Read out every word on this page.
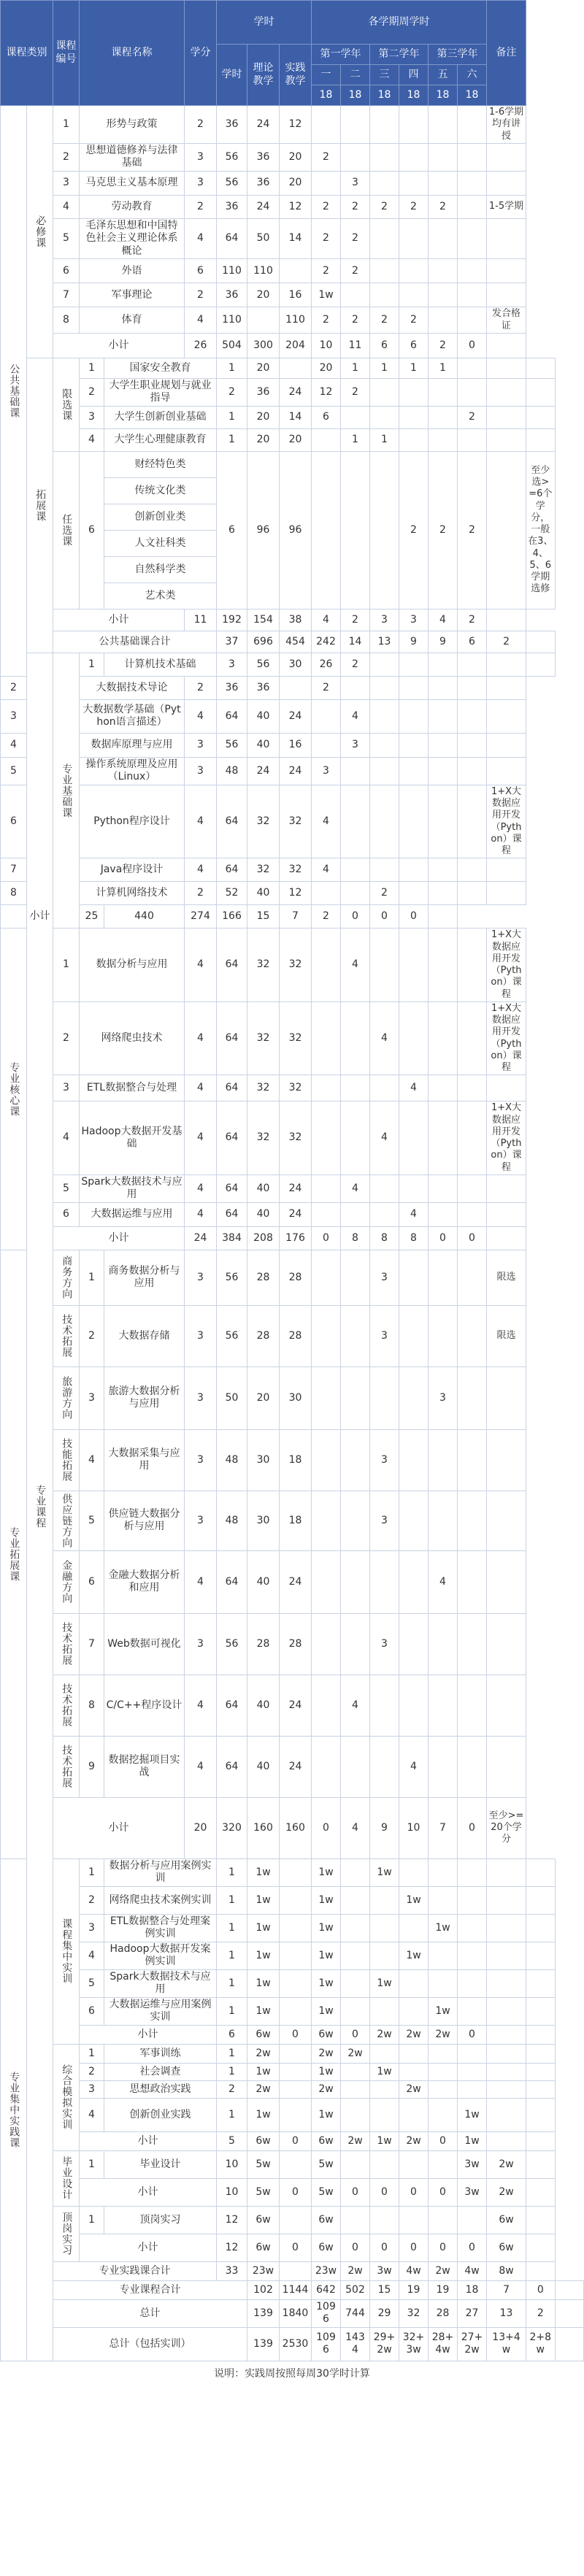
课程类别		课程编号	课程名称		学分	学时			各学期周学时						备注		
						学时	理论教学	实践教学	第一学年		第二学年		第三学年				
									一	二	三	四	五	六			
									18	18	18	18	18	18			
公共基础课	必修课	1	形势与政策		2	36	24	12							1-6学期均有讲授		
		2	思想道德修养与法律基础		3	56	36	20	2								
		3	马克思主义基本原理		3	56	36	20		3							
		4	劳动教育		2	36	24	12	2	2	2	2	2		1-5学期		
		5	毛泽东思想和中国特色社会主义理论体系概论		4	64	50	14	2	2							
		6	外语		6	110	110		2	2							
		7	军事理论		2	36	20	16	1w								
		8	体育		4	110		110	2	2	2	2			发合格证		
		小计			26	504	300	204	10	11	6	6	2	0			
	拓展课	限选课	1	国家安全教育		1	20		20	1	1	1	1				
			2	大学生职业规划与就业指导		2	36	24	12	2							
			3	大学生创新创业基础		1	20	14	6					2			
			4	大学生心理健康教育		1	20	20		1	1						
		任选课	6	财经特色类		6	96	96				2	2	2		至少选>=6个学分，一般在3、4、5、6学期选修	
				传统文化类													
				创新创业类													
				人文社科类													
				自然科学类													
				艺术类													
		小计			11	192	154	38	4	2	3	3	4	2			
		公共基础课合计				37	696	454	242	14	13	9	9	6	2		
	专业课程	专业基础课	1	计算机技术基础		3	56	30	26	2							
2			大数据技术导论		2	36	36		2								
3			大数据数学基础（Python语言描述）		4	64	40	24		4							
4			数据库原理与应用		3	56	40	16		3							
5			操作系统原理及应用（Linux）		3	48	24	24	3								
6			Python程序设计		4	64	32	32	4						1+X大数据应用开发（Python）课程		
7			Java程序设计		4	64	32	32	4								
8			计算机网络技术		2	52	40	12			2						
小计			25	440	274	166	15	7	2	0	0	0					
专业核心课		1	数据分析与应用		4	64	32	32		4					1+X大数据应用开发（Python）课程		
		2	网络爬虫技术		4	64	32	32			4				1+X大数据应用开发（Python）课程		
		3	ETL数据整合与处理		4	64	32	32				4					
		4	Hadoop大数据开发基础		4	64	32	32			4				1+X大数据应用开发（Python）课程		
		5	Spark大数据技术与应用		4	64	40	24		4							
		6	大数据运维与应用		4	64	40	24				4					
		小计			24	384	208	176	0	8	8	8	0	0			
专业拓展课		商务方向	1	商务数据分析与应用	3	56	28	28			3				限选		
		技术拓展	2	大数据存储	3	56	28	28			3				限选		
		旅游方向	3	旅游大数据分析与应用	3	50	20	30					3				
		技能拓展	4	大数据采集与应用	3	48	30	18			3						
		供应链方向	5	供应链大数据分析与应用	3	48	30	18			3						
		金融方向	6	金融大数据分析和应用	4	64	40	24					4				
		技术拓展	7	Web数据可视化	3	56	28	28			3						
		技术拓展	8	C/C++程序设计	4	64	40	24		4							
		技术拓展	9	数据挖掘项目实战	4	64	40	24				4					
		小计			20	320	160	160	0	4	9	10	7	0	至少>=20个学分		
专业集中实践课		课程集中实训	1	数据分析与应用案例实训		1	1w		1w		1w						
			2	网络爬虫技术案例实训		1	1w		1w			1w					
			3	ETL数据整合与处理案例实训		1	1w		1w				1w				
			4	Hadoop大数据开发案例实训		1	1w		1w			1w					
			5	Spark大数据技术与应用		1	1w		1w		1w						
			6	大数据运维与应用案例实训		1	1w		1w				1w				
			小计			6	6w	0	6w	0	2w	2w	2w	0			
		综合模拟实训	1	军事训练		1	2w		2w	2w							
			2	社会调查		1	1w		1w		1w						
			3	思想政治实践		2	2w		2w			2w					
			4	创新创业实践		1	1w		1w					1w			
			小计			5	6w	0	6w	2w	1w	2w	0	1w			
		毕业设计	1	毕业设计		10	5w		5w					3w	2w		
			小计			10	5w	0	5w	0	0	0	0	3w	2w		
		顶岗实习	1	顶岗实习		12	6w		6w						6w		
			小计			12	6w	0	6w	0	0	0	0	0	6w		
		专业实践课合计				33	23w		23w	2w	3w	4w	2w	4w	8w		
		专业课程合计					102	1144	642	502	15	19	19	18	7	0	
		总计					139	1840	1096	744	29	32	28	27	13	2	
		总计（包括实训）					139	2530	1096	1434	29+2w	32+3w	28+4w	27+2w	13+4w	2+8w	
说明：实践周按照每周30学时计算
